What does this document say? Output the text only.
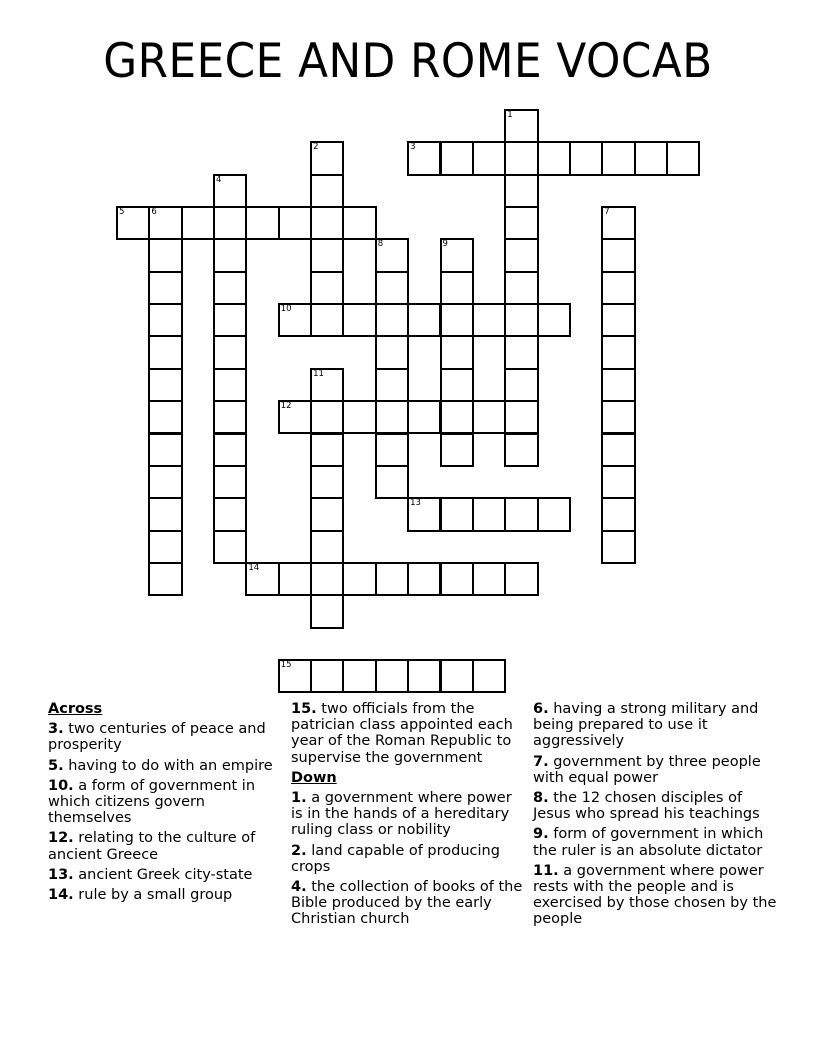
GREECE AND ROME VOCAB
1
2	3
4
5	6	7
8	9
10
11
12
13
14
15
Across
3. two centuries of peace and prosperity
5. having to do with an empire
10. a form of government in which citizens govern themselves
12. relating to the culture of ancient Greece
13. ancient Greek city-state
14. rule by a small group
15. two officials from the patrician class appointed each year of the Roman Republic to supervise the government
Down
1. a government where power is in the hands of a hereditary ruling class or nobility
2. land capable of producing crops
4. the collection of books of the Bible produced by the early Christian church
6. having a strong military and being prepared to use it aggressively
7. government by three people with equal power
8. the 12 chosen disciples of Jesus who spread his teachings
9. form of government in which the ruler is an absolute dictator
11. a government where power rests with the people and is exercised by those chosen by the people
